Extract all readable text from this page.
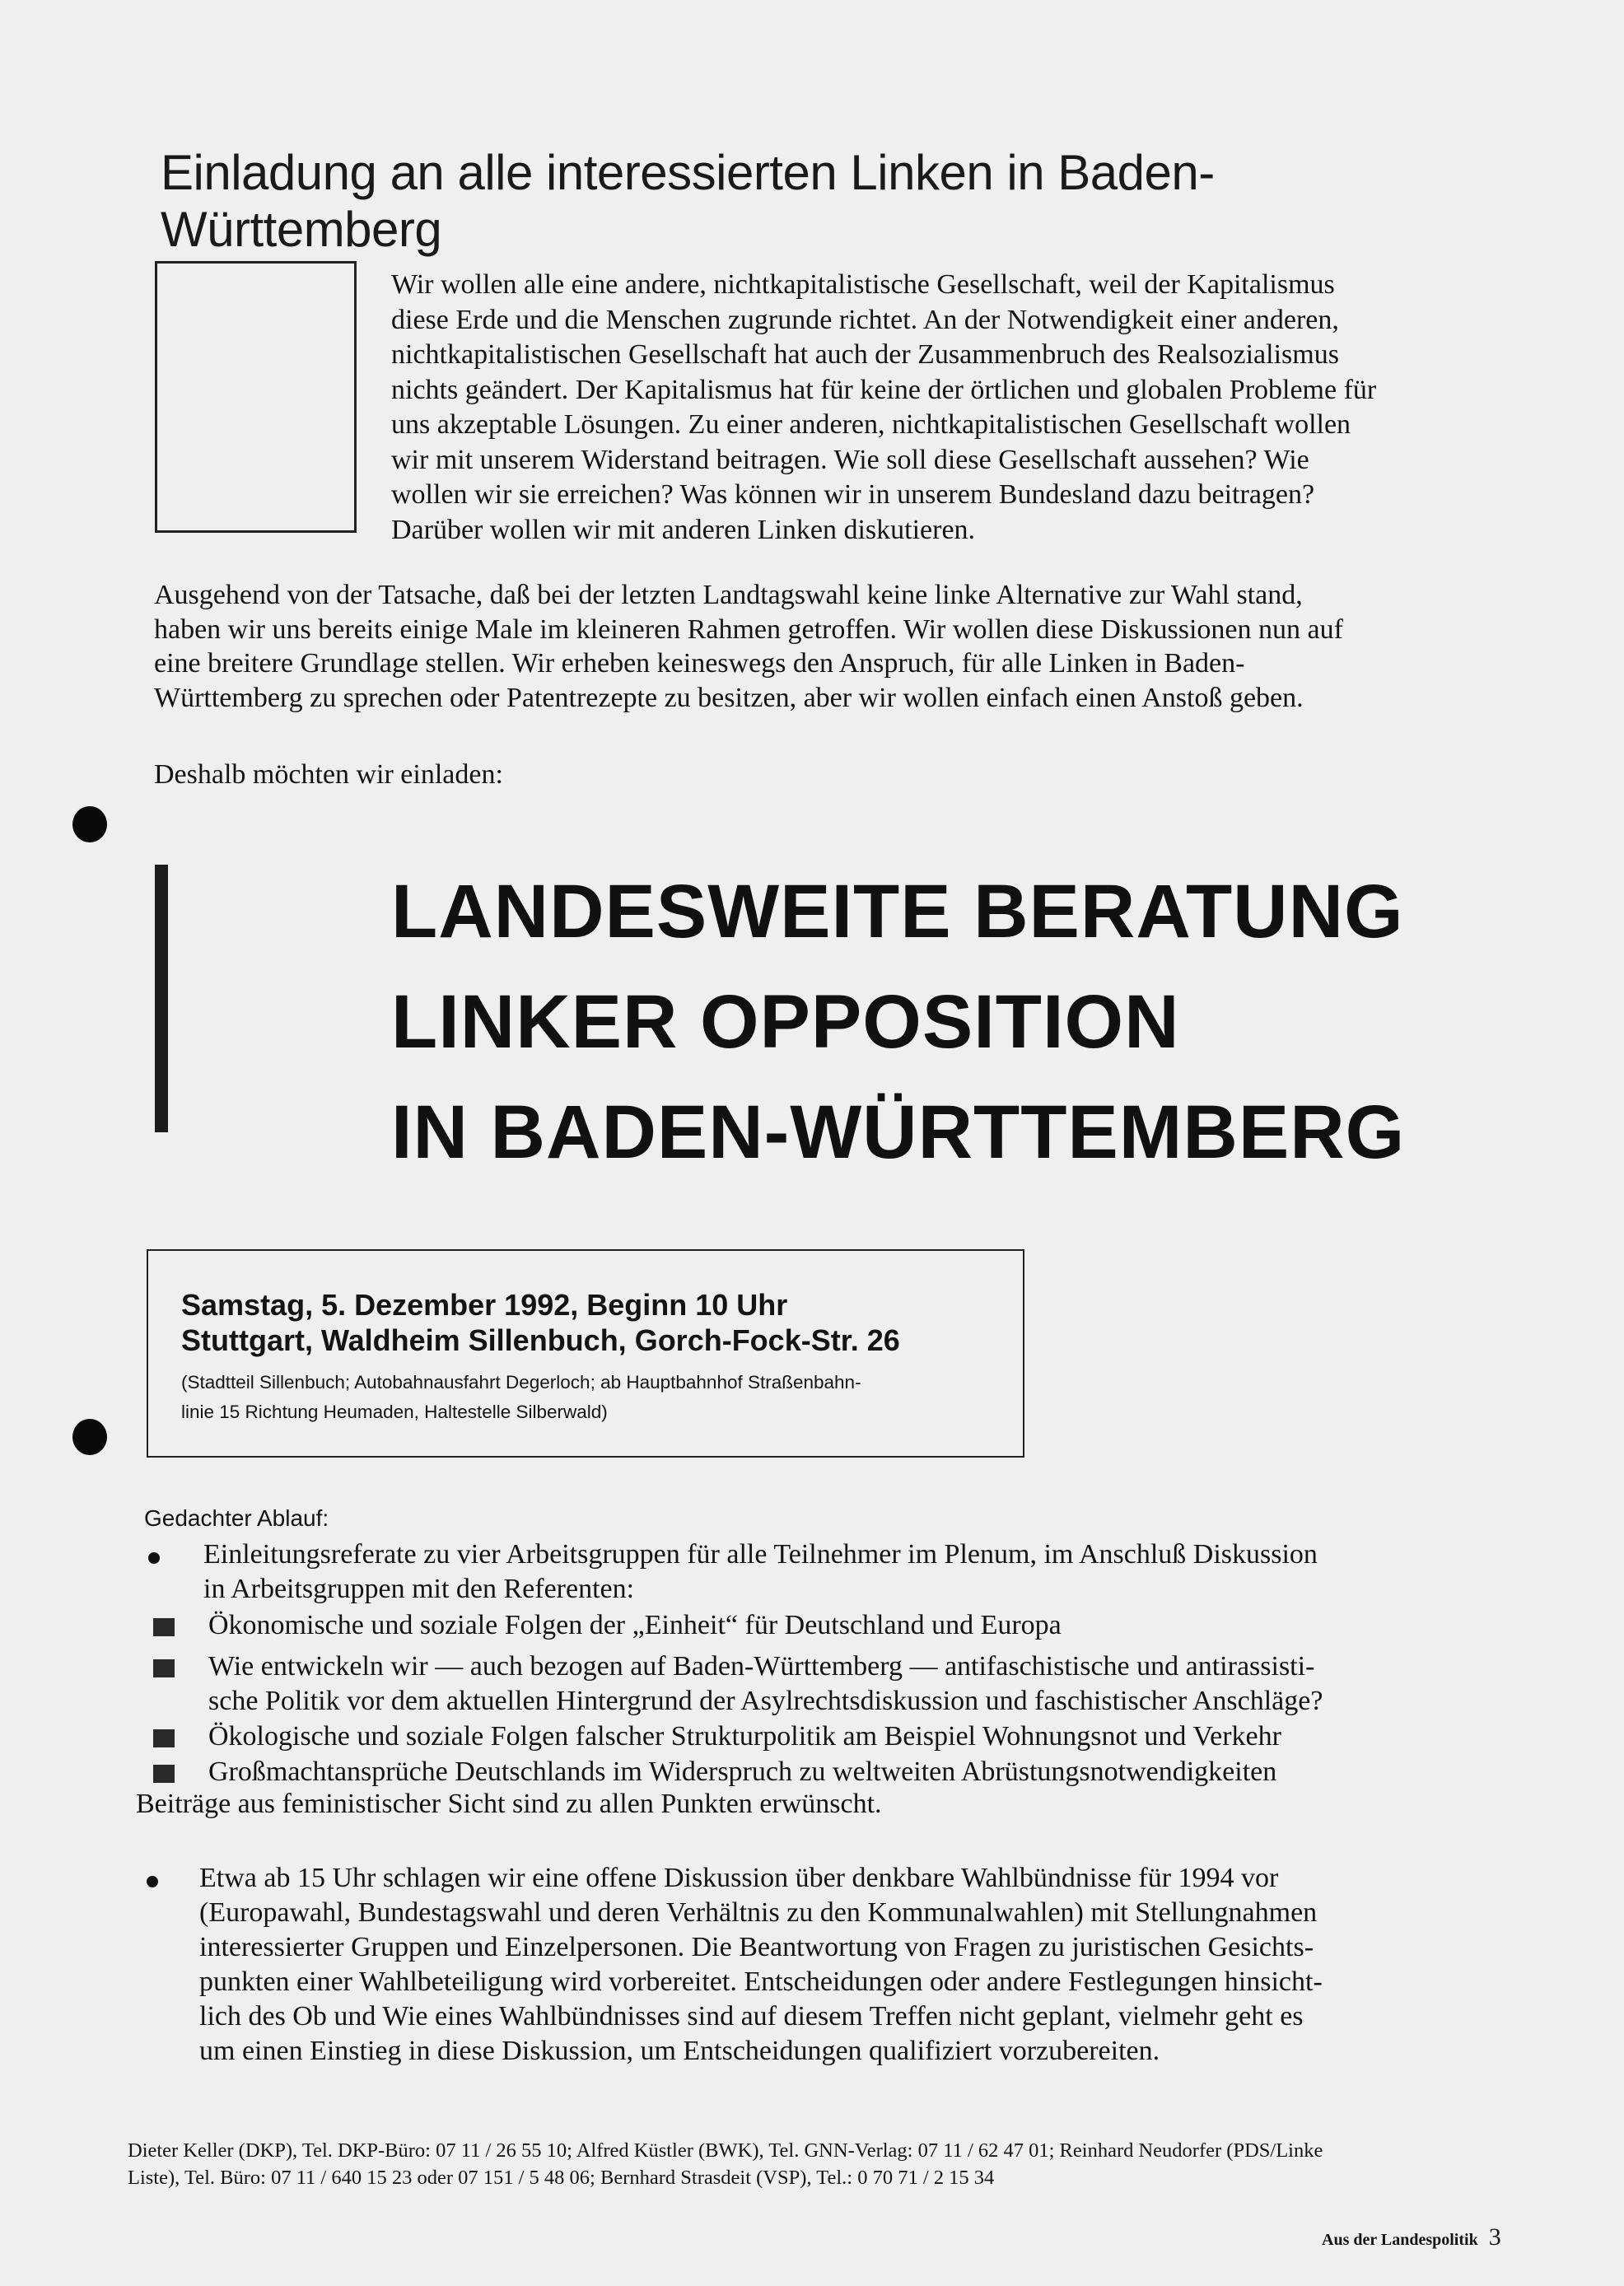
Einladung an alle interessierten Linken in Baden-Württemberg
Wir wollen alle eine andere, nichtkapitalistische Gesellschaft, weil der Kapitalismus
diese Erde und die Menschen zugrunde richtet. An der Notwendigkeit einer anderen,
nichtkapitalistischen Gesellschaft hat auch der Zusammenbruch des Realsozialismus
nichts geändert. Der Kapitalismus hat für keine der örtlichen und globalen Probleme für
uns akzeptable Lösungen. Zu einer anderen, nichtkapitalistischen Gesellschaft wollen
wir mit unserem Widerstand beitragen. Wie soll diese Gesellschaft aussehen? Wie
wollen wir sie erreichen? Was können wir in unserem Bundesland dazu beitragen?
Darüber wollen wir mit anderen Linken diskutieren.
Ausgehend von der Tatsache, daß bei der letzten Landtagswahl keine linke Alternative zur Wahl stand,
haben wir uns bereits einige Male im kleineren Rahmen getroffen. Wir wollen diese Diskussionen nun auf
eine breitere Grundlage stellen. Wir erheben keineswegs den Anspruch, für alle Linken in Baden-
Württemberg zu sprechen oder Patentrezepte zu besitzen, aber wir wollen einfach einen Anstoß geben.
Deshalb möchten wir einladen:
LANDESWEITE BERATUNG
LINKER OPPOSITION
IN BADEN-WÜRTTEMBERG
Samstag, 5. Dezember 1992, Beginn 10 Uhr
Stuttgart, Waldheim Sillenbuch, Gorch-Fock-Str. 26
(Stadtteil Sillenbuch; Autobahnausfahrt Degerloch; ab Hauptbahnhof Straßenbahn-
linie 15 Richtung Heumaden, Haltestelle Silberwald)
Gedachter Ablauf:
Einleitungsreferate zu vier Arbeitsgruppen für alle Teilnehmer im Plenum, im Anschluß Diskussion
in Arbeitsgruppen mit den Referenten:
Ökonomische und soziale Folgen der „Einheit“ für Deutschland und Europa
Wie entwickeln wir — auch bezogen auf Baden-Württemberg — antifaschistische und antirassisti-
sche Politik vor dem aktuellen Hintergrund der Asylrechtsdiskussion und faschistischer Anschläge?
Ökologische und soziale Folgen falscher Strukturpolitik am Beispiel Wohnungsnot und Verkehr
Großmachtansprüche Deutschlands im Widerspruch zu weltweiten Abrüstungsnotwendigkeiten
Beiträge aus feministischer Sicht sind zu allen Punkten erwünscht.
Etwa ab 15 Uhr schlagen wir eine offene Diskussion über denkbare Wahlbündnisse für 1994 vor
(Europawahl, Bundestagswahl und deren Verhältnis zu den Kommunalwahlen) mit Stellungnahmen
interessierter Gruppen und Einzelpersonen. Die Beantwortung von Fragen zu juristischen Gesichts-
punkten einer Wahlbeteiligung wird vorbereitet. Entscheidungen oder andere Festlegungen hinsicht-
lich des Ob und Wie eines Wahlbündnisses sind auf diesem Treffen nicht geplant, vielmehr geht es
um einen Einstieg in diese Diskussion, um Entscheidungen qualifiziert vorzubereiten.
Dieter Keller (DKP), Tel. DKP-Büro: 07 11 / 26 55 10; Alfred Küstler (BWK), Tel. GNN-Verlag: 07 11 / 62 47 01; Reinhard Neudorfer (PDS/Linke
Liste), Tel. Büro: 07 11 / 640 15 23 oder 07 151 / 5 48 06; Bernhard Strasdeit (VSP), Tel.: 0 70 71 / 2 15 34
Aus der Landespolitik 3
